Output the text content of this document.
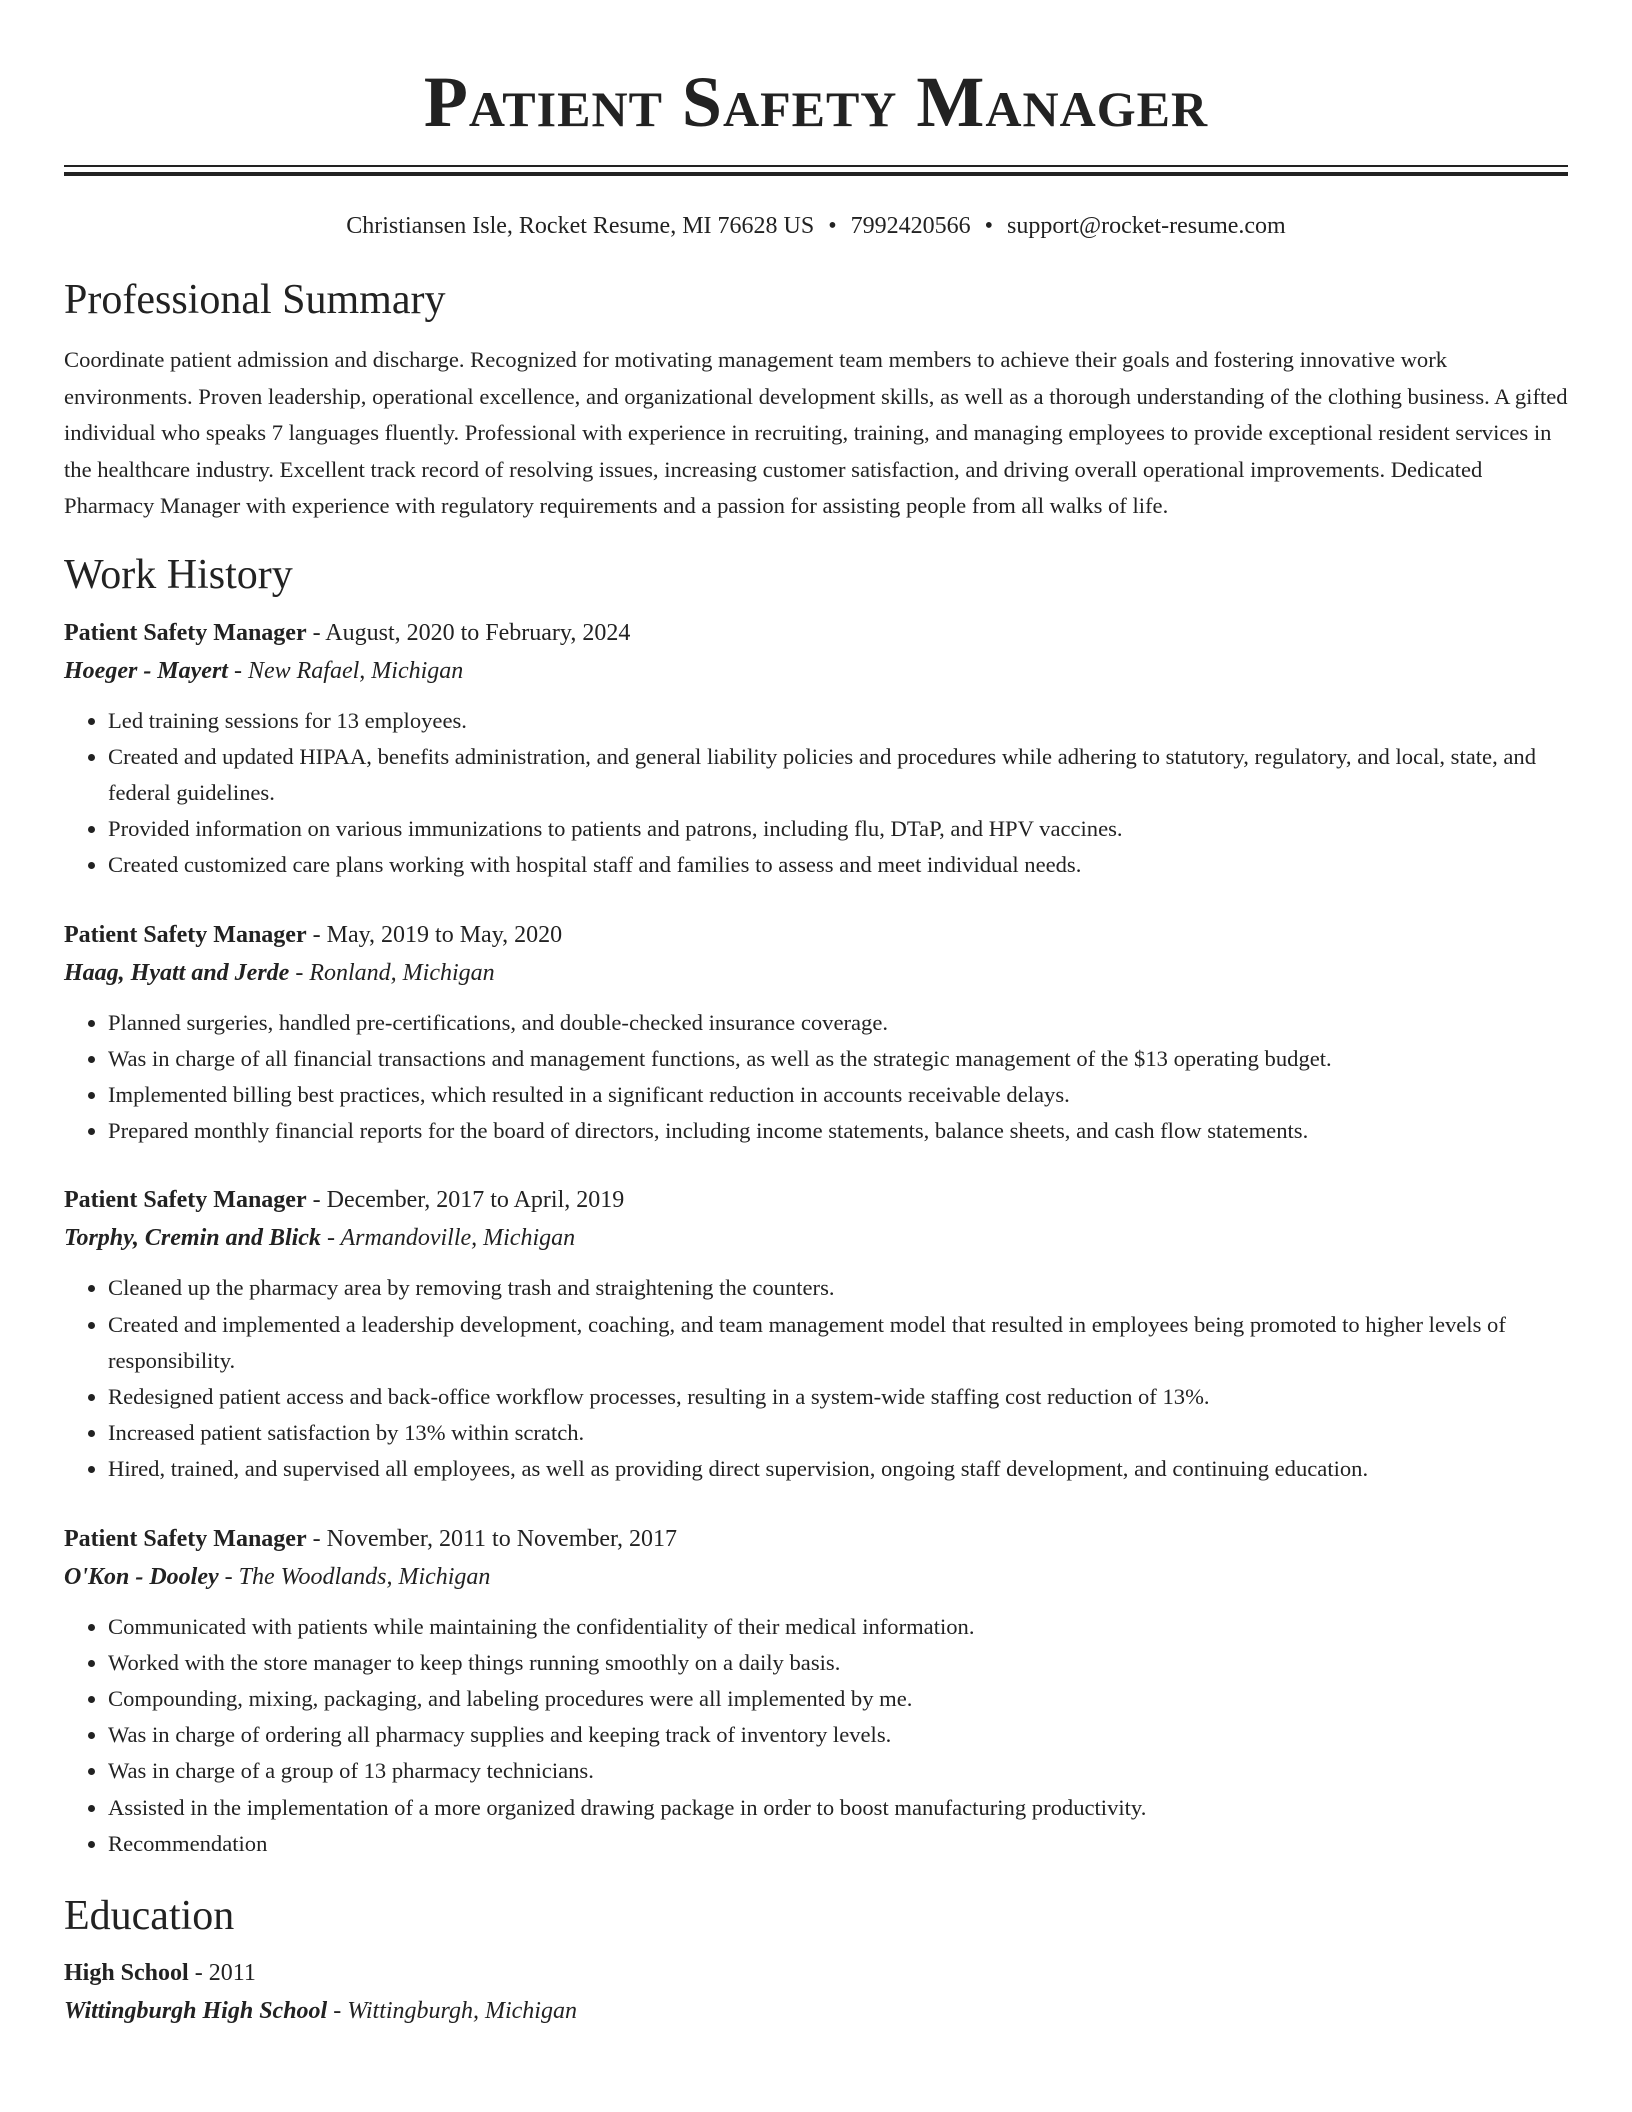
Patient Safety Manager
Christiansen Isle, Rocket Resume, MI 76628 US • 7992420566 • support@rocket-resume.com
Professional Summary

Coordinate patient admission and discharge. Recognized for motivating management team members to achieve their goals and fostering innovative work environments. Proven leadership, operational excellence, and organizational development skills, as well as a thorough understanding of the clothing business. A gifted individual who speaks 7 languages fluently. Professional with experience in recruiting, training, and managing employees to provide exceptional resident services in the healthcare industry. Excellent track record of resolving issues, increasing customer satisfaction, and driving overall operational improvements. Dedicated Pharmacy Manager with experience with regulatory requirements and a passion for assisting people from all walks of life.

Work History
Patient Safety Manager - August, 2020 to February, 2024
Hoeger - Mayert - New Rafael, Michigan
• Led training sessions for 13 employees.
• Created and updated HIPAA, benefits administration, and general liability policies and procedures while adhering to statutory, regulatory, and local, state, and federal guidelines.
• Provided information on various immunizations to patients and patrons, including flu, DTaP, and HPV vaccines.
• Created customized care plans working with hospital staff and families to assess and meet individual needs.
Patient Safety Manager - May, 2019 to May, 2020
Haag, Hyatt and Jerde - Ronland, Michigan
• Planned surgeries, handled pre-certifications, and double-checked insurance coverage.
• Was in charge of all financial transactions and management functions, as well as the strategic management of the $13 operating budget.
• Implemented billing best practices, which resulted in a significant reduction in accounts receivable delays.
• Prepared monthly financial reports for the board of directors, including income statements, balance sheets, and cash flow statements.
Patient Safety Manager - December, 2017 to April, 2019
Torphy, Cremin and Blick - Armandoville, Michigan
• Cleaned up the pharmacy area by removing trash and straightening the counters.
• Created and implemented a leadership development, coaching, and team management model that resulted in employees being promoted to higher levels of responsibility.
• Redesigned patient access and back-office workflow processes, resulting in a system-wide staffing cost reduction of 13%.
• Increased patient satisfaction by 13% within scratch.
• Hired, trained, and supervised all employees, as well as providing direct supervision, ongoing staff development, and continuing education.
Patient Safety Manager - November, 2011 to November, 2017
O'Kon - Dooley - The Woodlands, Michigan
• Communicated with patients while maintaining the confidentiality of their medical information.
• Worked with the store manager to keep things running smoothly on a daily basis.
• Compounding, mixing, packaging, and labeling procedures were all implemented by me.
• Was in charge of ordering all pharmacy supplies and keeping track of inventory levels.
• Was in charge of a group of 13 pharmacy technicians.
• Assisted in the implementation of a more organized drawing package in order to boost manufacturing productivity.
• Recommendation
Education
High School - 2011
Wittingburgh High School - Wittingburgh, Michigan
